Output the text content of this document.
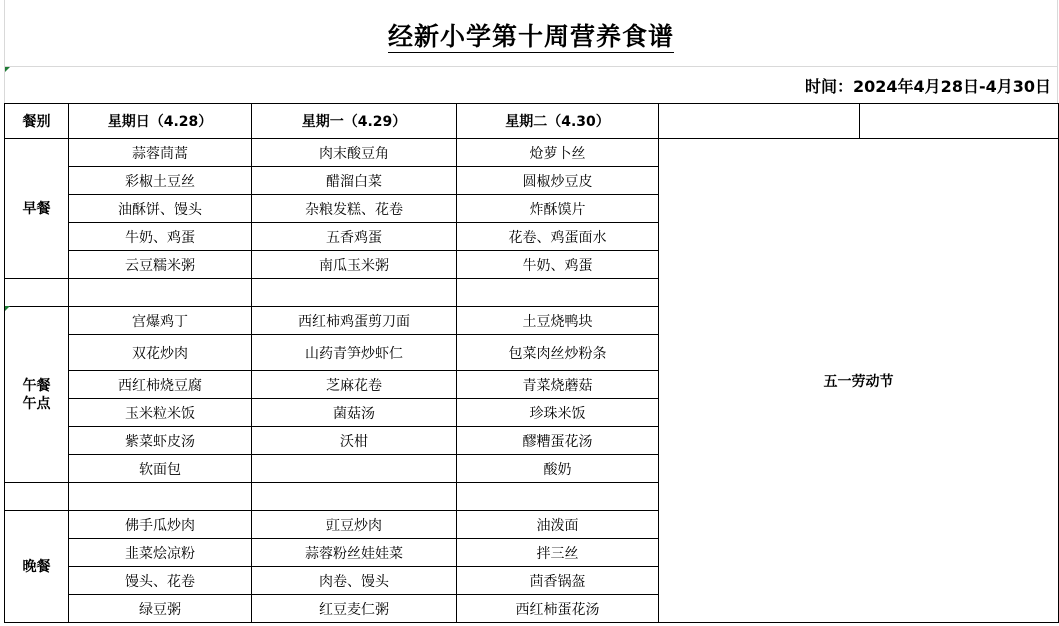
经新小学第十周营养食谱
时间：2024年4月28日-4月30日
餐别	星期日（4.28）	星期一（4.29）	星期二（4.30）		
早餐	蒜蓉茼蒿	肉末酸豆角	炝萝卜丝	五一劳动节	
	彩椒土豆丝	醋溜白菜	圆椒炒豆皮		
	油酥饼、馒头	杂粮发糕、花卷	炸酥馍片		
	牛奶、鸡蛋	五香鸡蛋	花卷、鸡蛋面水		
	云豆糯米粥	南瓜玉米粥	牛奶、鸡蛋		

午餐
午点	宫爆鸡丁	西红柿鸡蛋剪刀面	土豆烧鸭块		
	双花炒肉	山药青笋炒虾仁	包菜肉丝炒粉条		
	西红柿烧豆腐	芝麻花卷	青菜烧蘑菇		
	玉米粒米饭	菌菇汤	珍珠米饭		
	紫菜虾皮汤	沃柑	醪糟蛋花汤		
	软面包		酸奶		

晚餐	佛手瓜炒肉	豇豆炒肉	油泼面		
	韭菜烩凉粉	蒜蓉粉丝娃娃菜	拌三丝		
	馒头、花卷	肉卷、馒头	茴香锅盔		
	绿豆粥	红豆麦仁粥	西红柿蛋花汤		
